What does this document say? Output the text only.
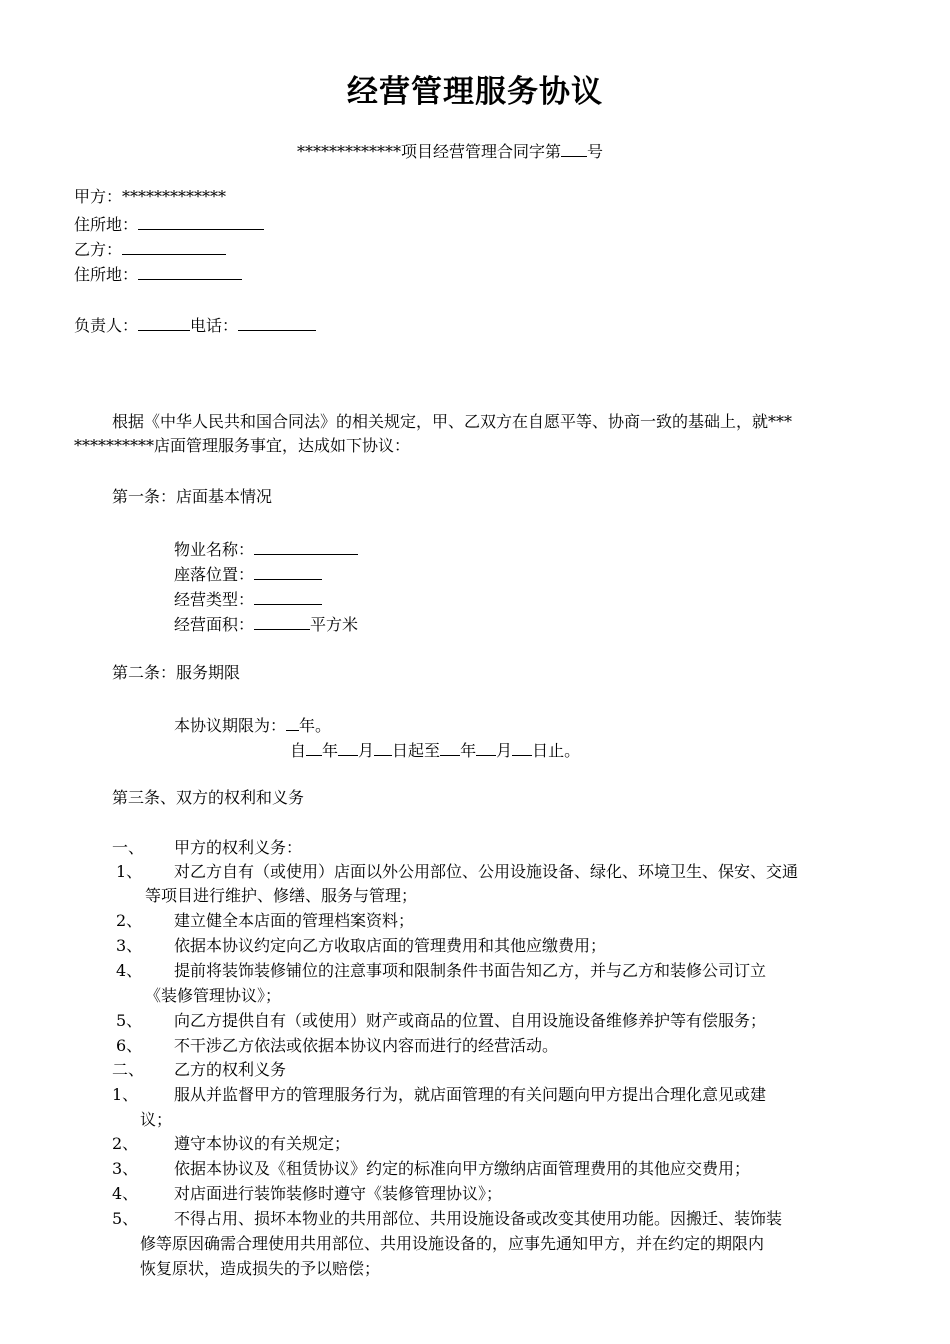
经营管理服务协议
*************项目经营管理合同字第 号
甲方：*************
住所地：
乙方：
住所地：
负责人：	电话：
根据《中华人民共和国合同法》的相关规定，甲、乙双方在自愿平等、协商一致的基础上，就***
**********店面管理服务事宜，达成如下协议：
第一条：店面基本情况
物业名称：
座落位置：
经营类型：
经营面积：	平方米
第二条：服务期限
本协议期限为： 年。
自 年 月 日起至 年 月 日止。
第三条、双方的权利和义务
一、 甲方的权利义务：
1、 对乙方自有（或使用）店面以外公用部位、公用设施设备、绿化、环境卫生、保安、交通
等项目进行维护、修缮、服务与管理；
2、 建立健全本店面的管理档案资料；
3、 依据本协议约定向乙方收取店面的管理费用和其他应缴费用；
4、 提前将装饰装修铺位的注意事项和限制条件书面告知乙方，并与乙方和装修公司订立
《装修管理协议》；
5、 向乙方提供自有（或使用）财产或商品的位置、自用设施设备维修养护等有偿服务；
6、 不干涉乙方依法或依据本协议内容而进行的经营活动。
二、 乙方的权利义务
1、 服从并监督甲方的管理服务行为，就店面管理的有关问题向甲方提出合理化意见或建
议；
2、 遵守本协议的有关规定；
3、 依据本协议及《租赁协议》约定的标准向甲方缴纳店面管理费用的其他应交费用；
4、 对店面进行装饰装修时遵守《装修管理协议》；
5、 不得占用、损坏本物业的共用部位、共用设施设备或改变其使用功能。因搬迁、装饰装
修等原因确需合理使用共用部位、共用设施设备的，应事先通知甲方，并在约定的期限内
恢复原状，造成损失的予以赔偿；
